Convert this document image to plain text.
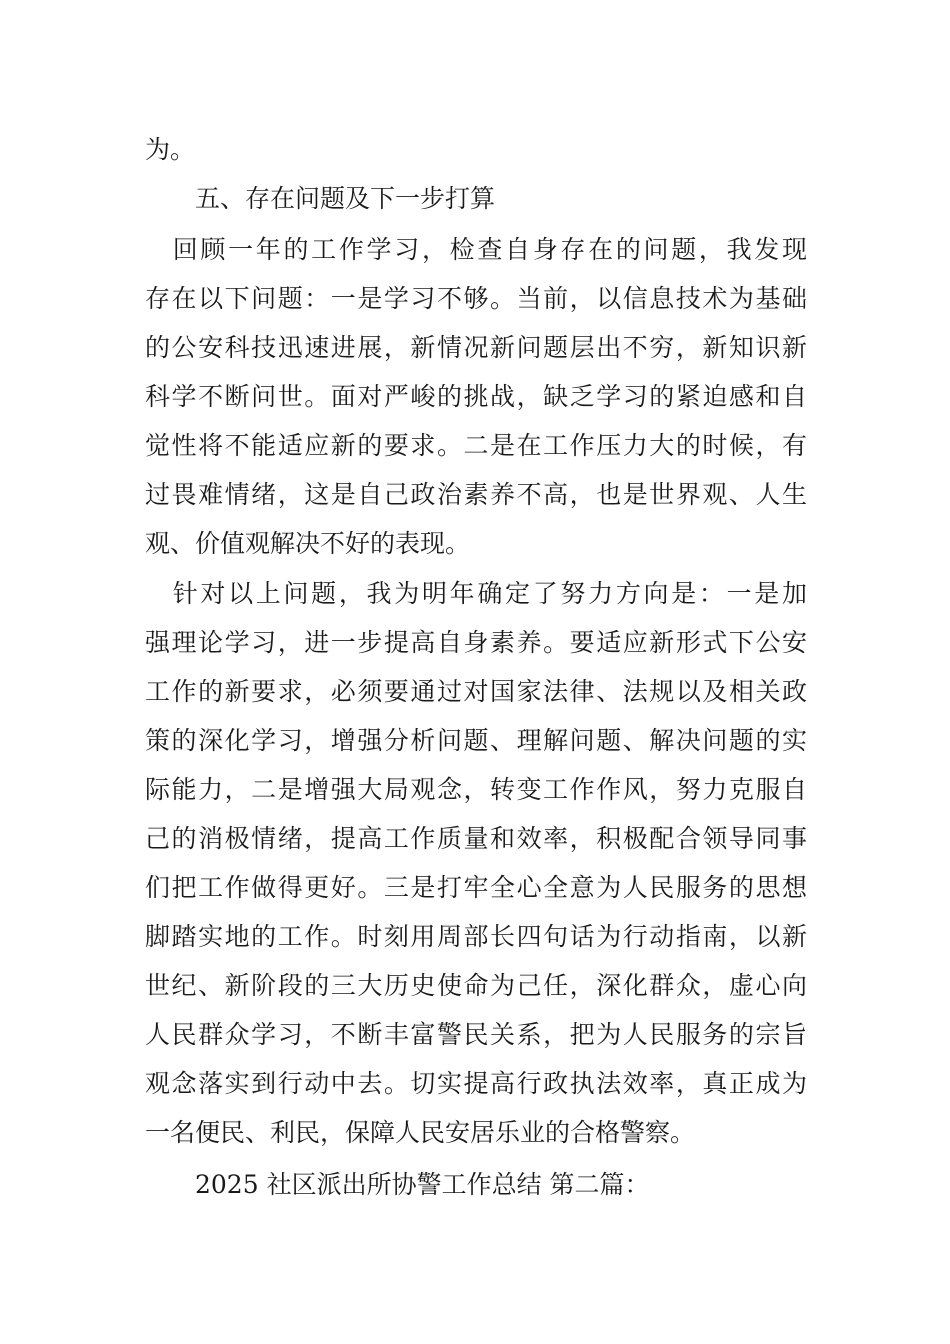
为。
五、存在问题及下一步打算
　回顾一年的工作学习，检查自身存在的问题，我发现
存在以下问题：一是学习不够。当前，以信息技术为基础
的公安科技迅速进展，新情况新问题层出不穷，新知识新
科学不断问世。面对严峻的挑战，缺乏学习的紧迫感和自
觉性将不能适应新的要求。二是在工作压力大的时候，有
过畏难情绪，这是自己政治素养不高，也是世界观、人生
观、价值观解决不好的表现。
　针对以上问题，我为明年确定了努力方向是：一是加
强理论学习，进一步提高自身素养。要适应新形式下公安
工作的新要求，必须要通过对国家法律、法规以及相关政
策的深化学习，增强分析问题、理解问题、解决问题的实
际能力，二是增强大局观念，转变工作作风，努力克服自
己的消极情绪，提高工作质量和效率，积极配合领导同事
们把工作做得更好。三是打牢全心全意为人民服务的思想
脚踏实地的工作。时刻用周部长四句话为行动指南，以新
世纪、新阶段的三大历史使命为己任，深化群众，虚心向
人民群众学习，不断丰富警民关系，把为人民服务的宗旨
观念落实到行动中去。切实提高行政执法效率，真正成为
一名便民、利民，保障人民安居乐业的合格警察。
2025 社区派出所协警工作总结 第二篇：
